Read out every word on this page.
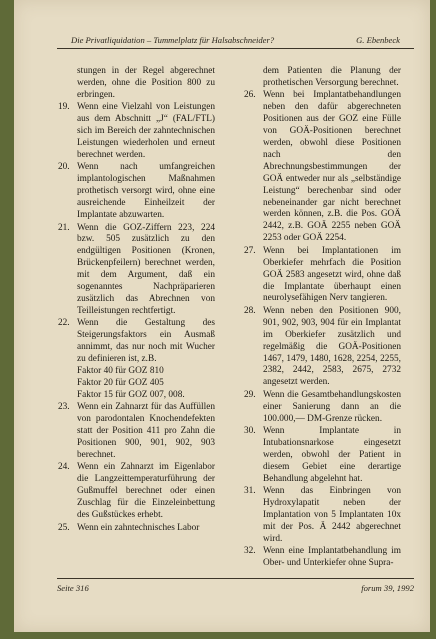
Die Privatliquidation – Tummelplatz für Halsabschneider?	G. Ebenbeck

stungen in der Regel abgerechnet werden, ohne die Position 800 zu erbringen.

19. Wenn eine Vielzahl von Leistungen aus dem Abschnitt „J“ (FAL/FTL) sich im Bereich der zahntechnischen Leistungen wiederholen und erneut berechnet werden.
20. Wenn nach umfangreichen implantologischen Maßnahmen prothetisch versorgt wird, ohne eine ausreichende Einheilzeit der Implantate abzuwarten.
21. Wenn die GOZ-Ziffern 223, 224 bzw. 505 zusätzlich zu den endgültigen Positionen (Kronen, Brückenpfeilern) berechnet werden, mit dem Argument, daß ein sogenanntes Nachpräparieren zusätzlich das Abrechnen von Teilleistungen rechtfertigt.
22. Wenn die Gestaltung des Steigerungsfaktors ein Ausmaß annimmt, das nur noch mit Wucher zu definieren ist, z.B.
Faktor 40 für GOZ 810
Faktor 20 für GOZ 405
Faktor 15 für GOZ 007, 008.
23. Wenn ein Zahnarzt für das Auffüllen von parodontalen Knochendefekten statt der Position 411 pro Zahn die Positionen 900, 901, 902, 903 berechnet.
24. Wenn ein Zahnarzt im Eigenlabor die Langzeittemperaturführung der Gußmuffel berechnet oder einen Zuschlag für die Einzeleinbettung des Gußstückes erhebt.
25. Wenn ein zahntechnisches Labor

dem Patienten die Planung der prothetischen Versorgung berechnet.

26. Wenn bei Implantatbehandlungen neben den dafür abgerechneten Positionen aus der GOZ eine Fülle von GOÄ-Positionen berechnet werden, obwohl diese Positionen nach den Abrechnungsbestimmungen der GOÄ entweder nur als „selbständige Leistung“ berechenbar sind oder nebeneinander gar nicht berechnet werden können, z.B. die Pos. GOÄ 2442, z.B. GOÄ 2255 neben GOÄ 2253 oder GOÄ 2254.
27. Wenn bei Implantationen im Oberkiefer mehrfach die Position GOÄ 2583 angesetzt wird, ohne daß die Implantate überhaupt einen neurolysefähigen Nerv tangieren.
28. Wenn neben den Positionen 900, 901, 902, 903, 904 für ein Implantat im Oberkiefer zusätzlich und regelmäßig die GOÄ-Positionen 1467, 1479, 1480, 1628, 2254, 2255, 2382, 2442, 2583, 2675, 2732 angesetzt werden.
29. Wenn die Gesamtbehandlungskosten einer Sanierung dann an die 100.000,— DM-Grenze rücken.
30. Wenn Implantate in Intubationsnarkose eingesetzt werden, obwohl der Patient in diesem Gebiet eine derartige Behandlung abgelehnt hat.
31. Wenn das Einbringen von Hydroxylapatit neben der Implantation von 5 Implantaten 10x mit der Pos. Ä 2442 abgerechnet wird.
32. Wenn eine Implantatbehandlung im Ober- und Unterkiefer ohne Supra-
Seite 316	forum 39, 1992
